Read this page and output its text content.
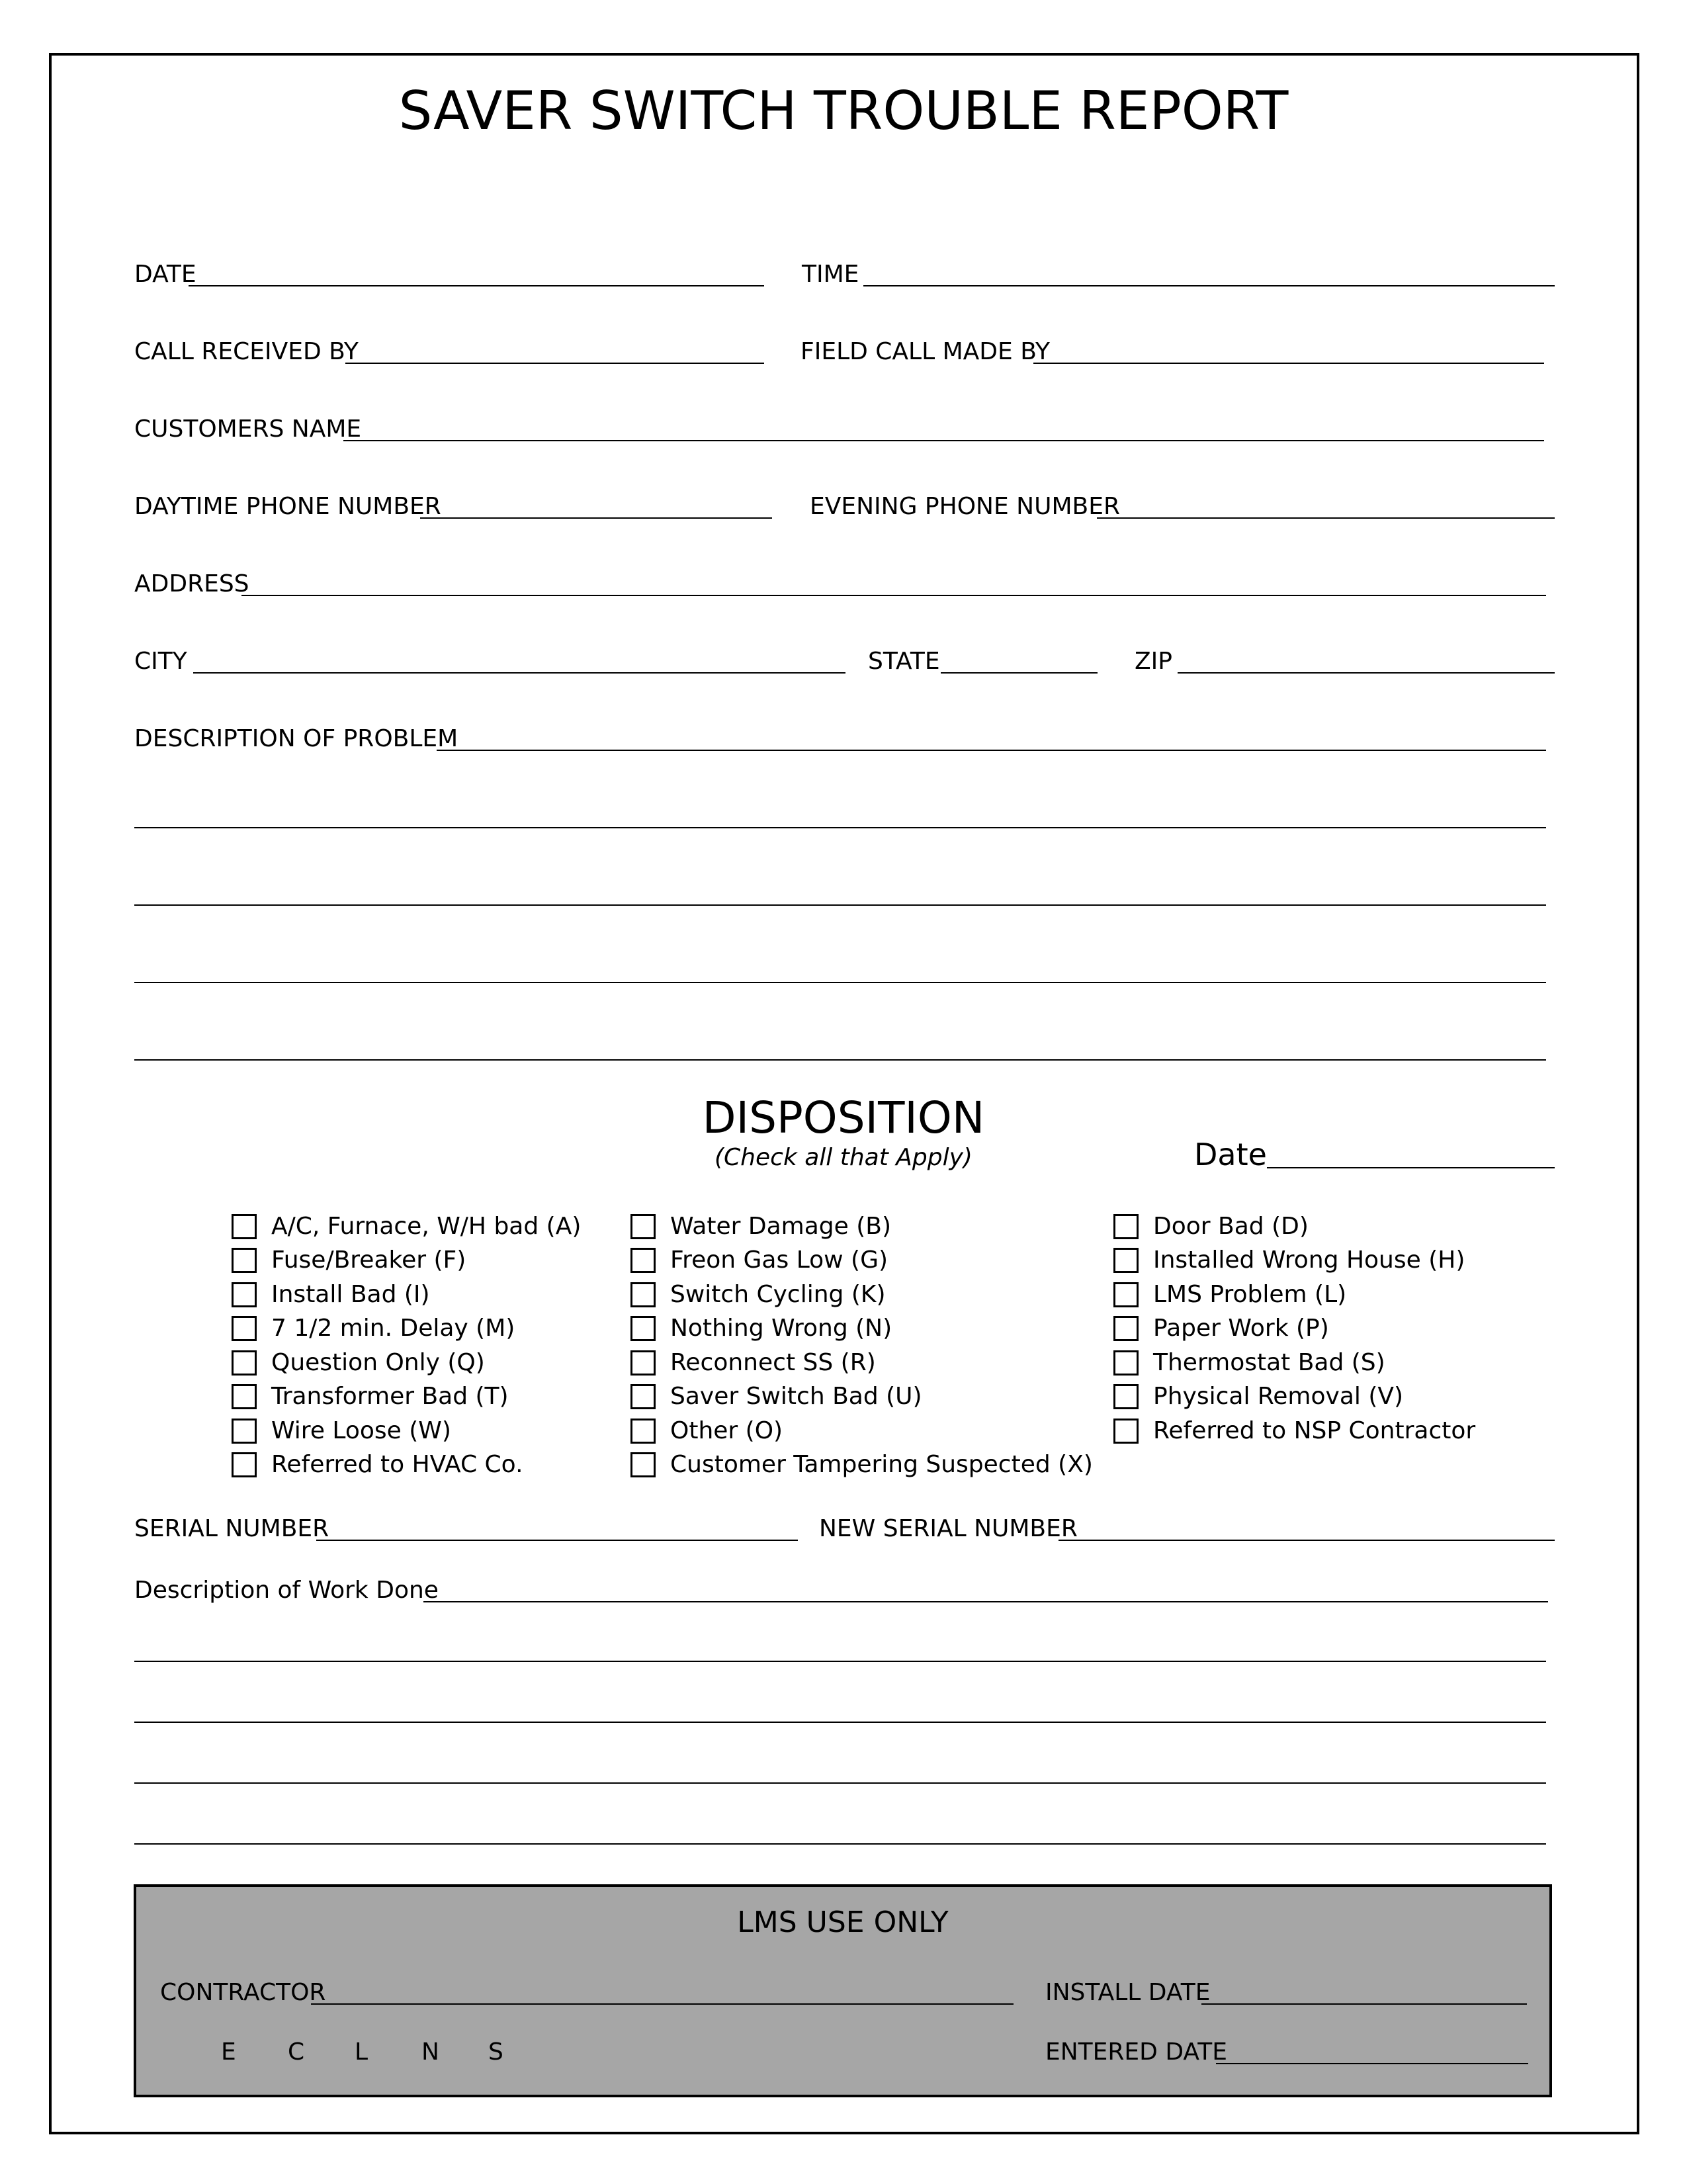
SAVER SWITCH TROUBLE REPORT
DATE	TIME
CALL RECEIVED BY	FIELD CALL MADE BY
CUSTOMERS NAME
DAYTIME PHONE NUMBER	EVENING PHONE NUMBER
ADDRESS
CITY	STATE	ZIP
DESCRIPTION OF PROBLEM
DISPOSITION
(Check all that Apply)	Date
A/C, Furnace, W/H bad (A)
Fuse/Breaker (F)
Install Bad (I)
7 1/2 min. Delay (M)
Question Only (Q)
Transformer Bad (T)
Wire Loose (W)
Referred to HVAC Co.
Water Damage (B)
Freon Gas Low (G)
Switch Cycling (K)
Nothing Wrong (N)
Reconnect SS (R)
Saver Switch Bad (U)
Other (O)
Customer Tampering Suspected (X)
Door Bad (D)
Installed Wrong House (H)
LMS Problem (L)
Paper Work (P)
Thermostat Bad (S)
Physical Removal (V)
Referred to NSP Contractor
SERIAL NUMBER	NEW SERIAL NUMBER
Description of Work Done
LMS USE ONLY
CONTRACTOR	INSTALL DATE
E	C	L	N	S	ENTERED DATE
